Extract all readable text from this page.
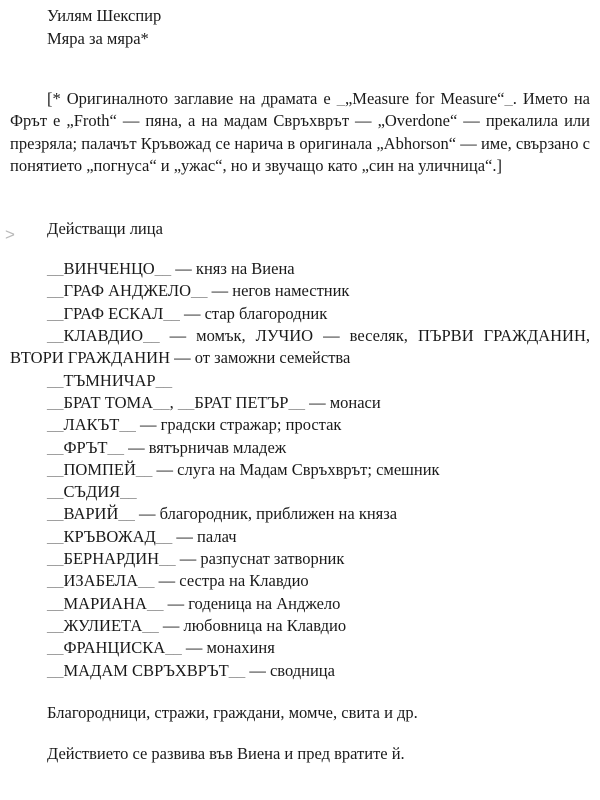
Уилям Шекспир
Мяра за мяра*
[* Оригиналното заглавие на драмата е _„Measure for Measure“_. Името на Фрът е „Froth“ — пяна, а на мадам Свръхврът — „Overdone“ — прекалила или презряла; палачът Кръвожад се нарича в оригинала „Abhorson“ — име, свързано с понятието „погнуса“ и „ужас“, но и звучащо като „син на уличница“.]
> Действащи лица
__ВИНЧЕНЦО__ — княз на Виена
__ГРАФ АНДЖЕЛО__ — негов наместник
__ГРАФ ЕСКАЛ__ — стар благородник
__КЛАВДИО__ — момък, ЛУЧИО — веселяк, ПЪРВИ ГРАЖДАНИН, ВТОРИ ГРАЖДАНИН — от заможни семейства
__ТЪМНИЧАР__
__БРАТ ТОМА__, __БРАТ ПЕТЪР__ — монаси
__ЛАКЪТ__ — градски стражар; простак
__ФРЪТ__ — вятърничав младеж
__ПОМПЕЙ__ — слуга на Мадам Свръхврът; смешник
__СЪДИЯ__
__ВАРИЙ__ — благородник, приближен на княза
__КРЪВОЖАД__ — палач
__БЕРНАРДИН__ — разпуснат затворник
__ИЗАБЕЛА__ — сестра на Клавдио
__МАРИАНА__ — годеница на Анджело
__ЖУЛИЕТА__ — любовница на Клавдио
__ФРАНЦИСКА__ — монахиня
__МАДАМ СВРЪХВРЪТ__ — сводница
Благородници, стражи, граждани, момче, свита и др.
Действието се развива във Виена и пред вратите й.
